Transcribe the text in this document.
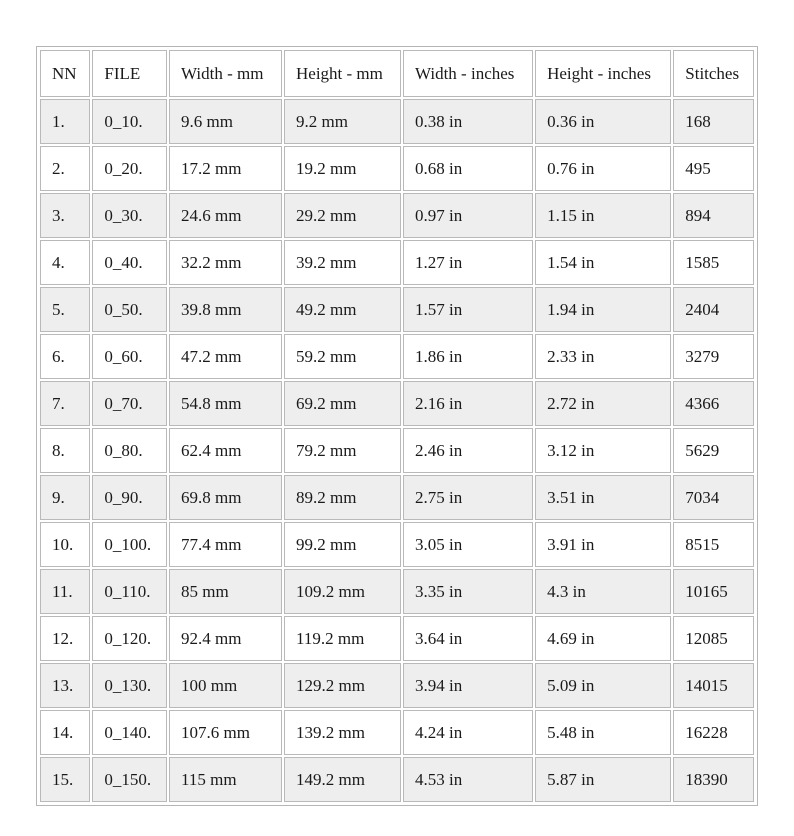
NN	FILE	Width - mm	Height - mm	Width - inches	Height - inches	Stitches
1.	0_10.	9.6 mm	9.2 mm	0.38 in	0.36 in	168
2.	0_20.	17.2 mm	19.2 mm	0.68 in	0.76 in	495
3.	0_30.	24.6 mm	29.2 mm	0.97 in	1.15 in	894
4.	0_40.	32.2 mm	39.2 mm	1.27 in	1.54 in	1585
5.	0_50.	39.8 mm	49.2 mm	1.57 in	1.94 in	2404
6.	0_60.	47.2 mm	59.2 mm	1.86 in	2.33 in	3279
7.	0_70.	54.8 mm	69.2 mm	2.16 in	2.72 in	4366
8.	0_80.	62.4 mm	79.2 mm	2.46 in	3.12 in	5629
9.	0_90.	69.8 mm	89.2 mm	2.75 in	3.51 in	7034
10.	0_100.	77.4 mm	99.2 mm	3.05 in	3.91 in	8515
11.	0_110.	85 mm	109.2 mm	3.35 in	4.3 in	10165
12.	0_120.	92.4 mm	119.2 mm	3.64 in	4.69 in	12085
13.	0_130.	100 mm	129.2 mm	3.94 in	5.09 in	14015
14.	0_140.	107.6 mm	139.2 mm	4.24 in	5.48 in	16228
15.	0_150.	115 mm	149.2 mm	4.53 in	5.87 in	18390
